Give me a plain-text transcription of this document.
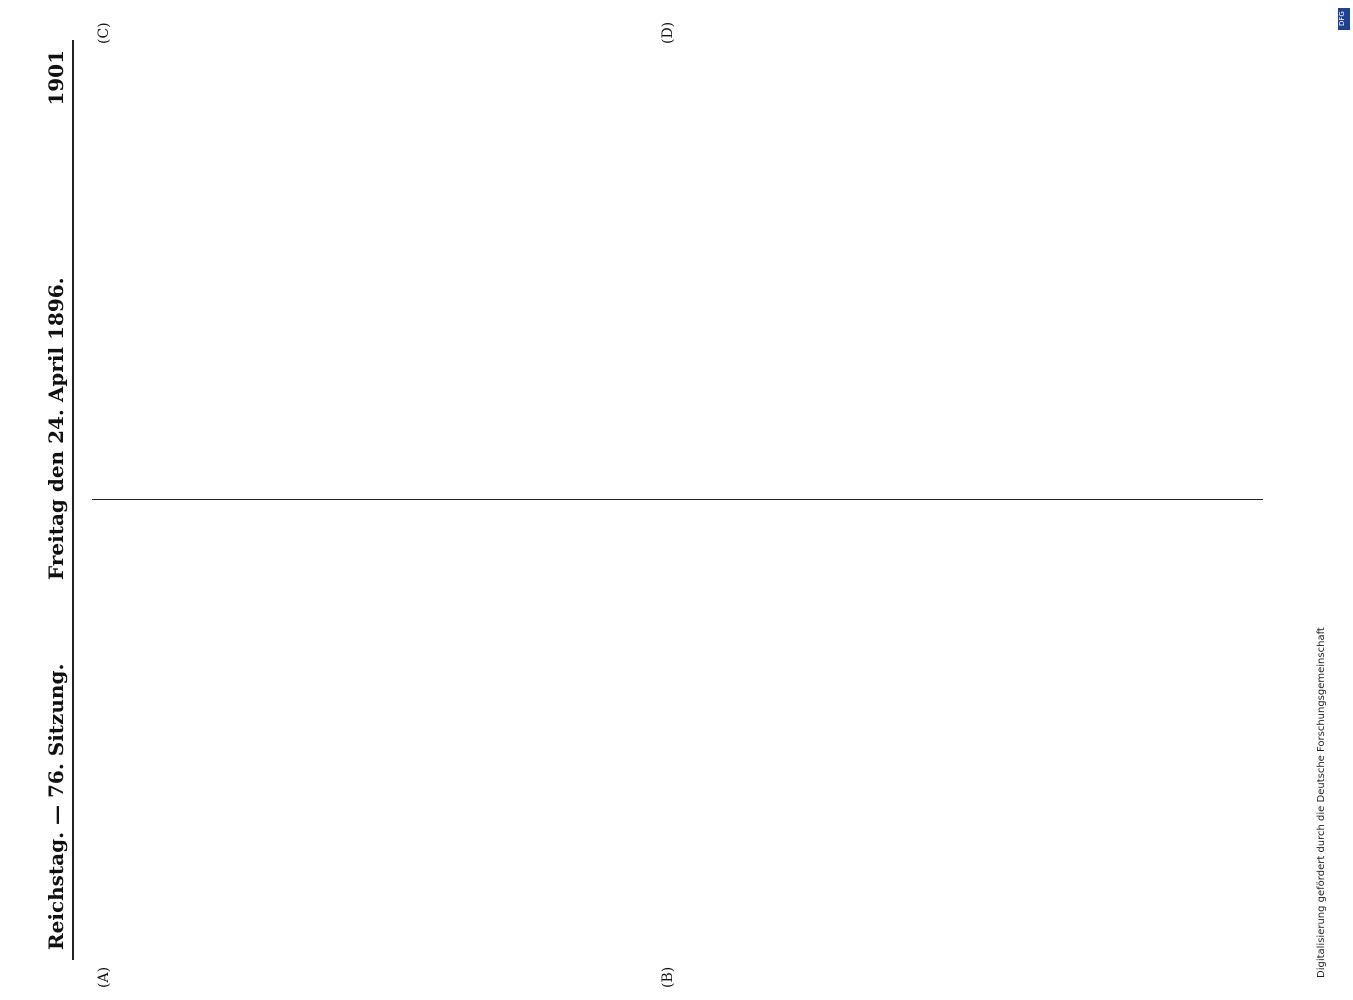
Reichstag. — 76. Sitzung.
Freitag den 24. April 1896.
1901
(A)	(B)
(C)	(D)
Digitalisierung gefördert durch die Deutsche Forschungsgemeinschaft
DFG
